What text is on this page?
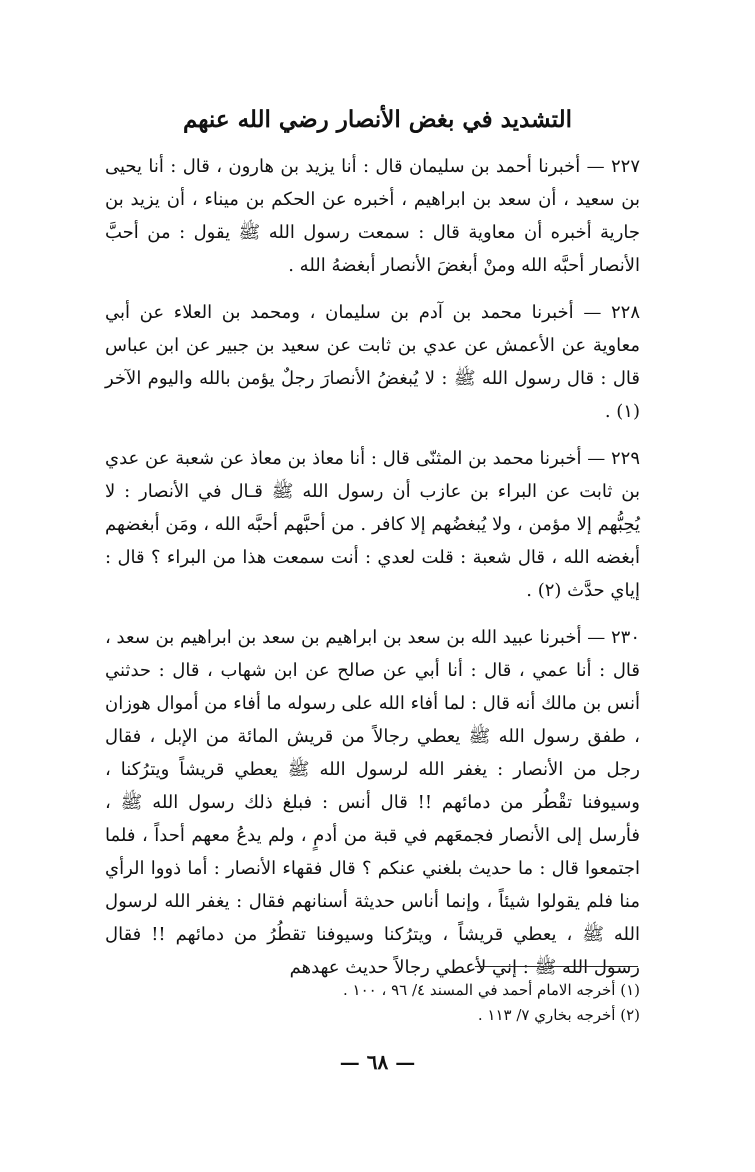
التشديد في بغض الأنصار رضي الله عنهم

٢٢٧ — أخبرنا أحمد بن سليمان قال : أنا يزيد بن هارون ، قال : أنا يحيى بن سعيد ، أن سعد بن ابراهيم ، أخبره عن الحكم بن ميناء ، أن يزيد بن جارية أخبره أن معاوية قال : سمعت رسول الله ﷺ يقول : من أحبَّ الأنصار أحبَّه الله ومنْ أبغضَ الأنصار أبغضهُ الله .

٢٢٨ — أخبرنا محمد بن آدم بن سليمان ، ومحمد بن العلاء عن أبي معاوية عن الأعمش عن عدي بن ثابت عن سعيد بن جبير عن ابن عباس قال : قال رسول الله ﷺ : لا يُبغضُ الأنصارَ رجلٌ يؤمن بالله واليوم الآخر (١) .

٢٢٩ — أخبرنا محمد بن المثنّى قال : أنا معاذ بن معاذ عن شعبة عن عدي بن ثابت عن البراء بن عازب أن رسول الله ﷺ قـال في الأنصار : لا يُحِبُّهم إلا مؤمن ، ولا يُبغضُهم إلا كافر . من أحبَّهم أحبَّه الله ، ومَن أبغضهم أبغضه الله ، قال شعبة : قلت لعدي : أنت سمعت هذا من البراء ؟ قال : إياي حدَّث (٢) .

٢٣٠ — أخبرنا عبيد الله بن سعد بن ابراهيم بن سعد بن ابراهيم بن سعد ، قال : أنا عمي ، قال : أنا أبي عن صالح عن ابن شهاب ، قال : حدثني أنس بن مالك أنه قال : لما أفاء الله على رسوله ما أفاء من أموال هوزان ، طفق رسول الله ﷺ يعطي رجالاً من قريش المائة من الإبل ، فقال رجل من الأنصار : يغفر الله لرسول الله ﷺ يعطي قريشاً ويترُكنا ، وسيوفنا تقْطُر من دمائهم !! قال أنس : فبلغ ذلك رسول الله ﷺ ، فأرسل إلى الأنصار فجمعَهم في قبة من أدمٍ ، ولم يدعُ معهم أحداً ، فلما اجتمعوا قال : ما حديث بلغني عنكم ؟ قال فقهاء الأنصار : أما ذووا الرأي منا فلم يقولوا شيئاً ، وإنما أناس حديثة أسنانهم فقال : يغفر الله لرسول الله ﷺ ، يعطي قريشاً ، ويترُكنا وسيوفنا تقطُرُ من دمائهم !! فقال رسول الله ﷺ : إني لأعطي رجالاً حديث عهدهم

(١) أخرجه الامام أحمد في المسند ٤/ ٩٦ ، ١٠٠ .

(٢) أخرجه بخاري ٧/ ١١٣ .

— ٦٨ —
